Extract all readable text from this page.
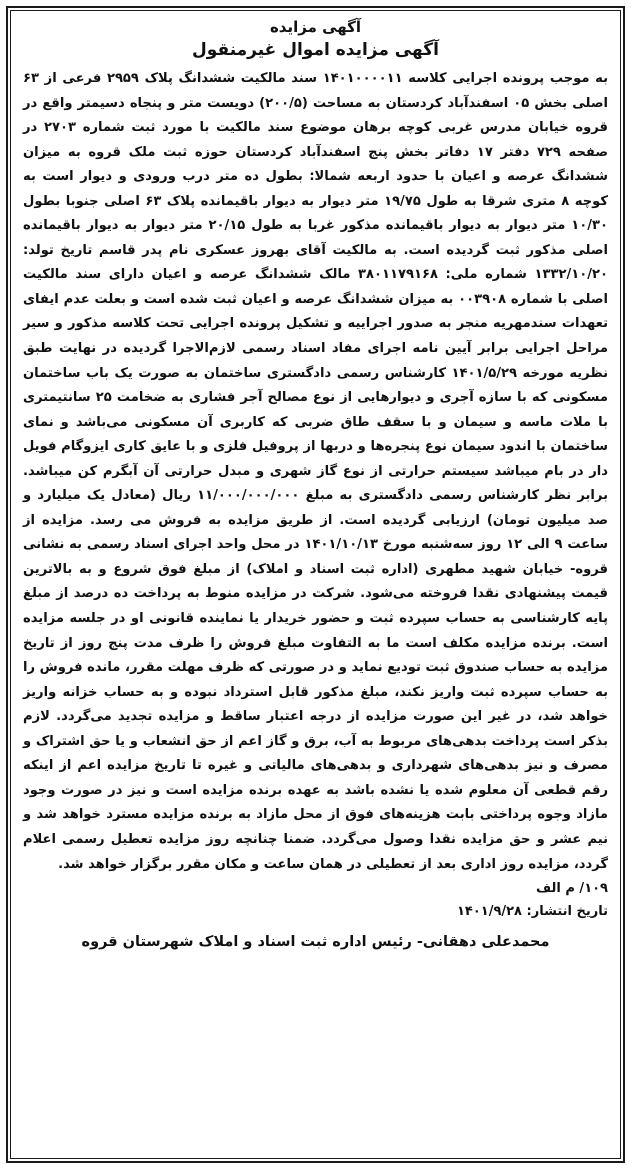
آگهی مزایده

آگهی مزایده اموال غیرمنقول

به موجب پرونده اجرایی کلاسه ۱۴۰۱۰۰۰۰۱۱ سند مالکیت ششدانگ پلاک ۲۹۵۹ فرعی از ۶۳ اصلی بخش ۰۵ اسفندآباد کردستان به مساحت (۲۰۰/۵) دویست متر و پنجاه دسیمتر واقع در قروه خیابان مدرس غربی کوچه برهان موضوع سند مالکیت با مورد ثبت شماره ۲۷۰۳ در صفحه ۷۲۹ دفتر ۱۷ دفاتر بخش پنج اسفندآباد کردستان حوزه ثبت ملک قروه به میزان ششدانگ عرصه و اعیان با حدود اربعه شمالا: بطول ده متر درب ورودی و دیوار است به کوچه ۸ متری شرقا به طول ۱۹/۷۵ متر دیوار به دیوار باقیمانده پلاک ۶۳ اصلی جنوبا بطول ۱۰/۳۰ متر دیوار به دیوار باقیمانده مذکور غربا به طول ۲۰/۱۵ متر دیوار به دیوار باقیمانده اصلی مذکور ثبت گردیده است. به مالکیت آقای بهروز عسکری نام پدر قاسم تاریخ تولد: ۱۳۳۲/۱۰/۲۰ شماره ملی: ۳۸۰۱۱۷۹۱۶۸ مالک ششدانگ عرصه و اعیان دارای سند مالکیت اصلی با شماره ۰۰۳۹۰۸ به میزان ششدانگ عرصه و اعیان ثبت شده است و بعلت عدم ایفای تعهدات سندمهریه منجر به صدور اجراییه و تشکیل پرونده اجرایی تحت کلاسه مذکور و سیر مراحل اجرایی برابر آیین نامه اجرای مفاد اسناد رسمی لازم‌الاجرا گردیده در نهایت طبق نظریه مورخه ۱۴۰۱/۵/۲۹ کارشناس رسمی دادگستری ساختمان به صورت یک باب ساختمان مسکونی که با سازه آجری و دیوارهایی از نوع مصالح آجر فشاری به ضخامت ۲۵ سانتیمتری با ملات ماسه و سیمان و با سقف طاق ضربی که کاربری آن مسکونی می‌باشد و نمای ساختمان با اندود سیمان نوع پنجره‌ها و دربها از پروفیل فلزی و با عایق کاری ایزوگام فویل دار در بام میباشد سیستم حرارتی از نوع گاز شهری و مبدل حرارتی آن آبگرم کن میباشد. برابر نظر کارشناس رسمی دادگستری به مبلغ ۱۱/۰۰۰/۰۰۰/۰۰۰ ریال (معادل یک میلیارد و صد میلیون تومان) ارزیابی گردیده است. از طریق مزایده به فروش می رسد. مزایده از ساعت ۹ الی ۱۲ روز سه‌شنبه مورخ ۱۴۰۱/۱۰/۱۳ در محل واحد اجرای اسناد رسمی به نشانی قروه- خیابان شهید مطهری (اداره ثبت اسناد و املاک) از مبلغ فوق شروع و به بالاترین قیمت پیشنهادی نقدا فروخته می‌شود. شرکت در مزایده منوط به پرداخت ده درصد از مبلغ پایه کارشناسی به حساب سپرده ثبت و حضور خریدار یا نماینده قانونی او در جلسه مزایده است. برنده مزایده مکلف است ما به التفاوت مبلغ فروش را ظرف مدت پنج روز از تاریخ مزایده به حساب صندوق ثبت تودیع نماید و در صورتی که ظرف مهلت مقرر، مانده فروش را به حساب سپرده ثبت واریز نکند، مبلغ مذکور قابل استرداد نبوده و به حساب خزانه واریز خواهد شد، در غیر این صورت مزایده از درجه اعتبار ساقط و مزایده تجدید می‌گردد. لازم بذکر است پرداخت بدهی‌های مربوط به آب، برق و گاز اعم از حق انشعاب و یا حق اشتراک و مصرف و نیز بدهی‌های شهرداری و بدهی‌های مالیاتی و غیره تا تاریخ مزایده اعم از اینکه رقم قطعی آن معلوم شده یا نشده باشد به عهده برنده مزایده است و نیز در صورت وجود مازاد وجوه پرداختی بابت هزینه‌های فوق از محل مازاد به برنده مزایده مسترد خواهد شد و نیم عشر و حق مزایده نقدا وصول می‌گردد. ضمنا چنانچه روز مزایده تعطیل رسمی اعلام گردد، مزایده روز اداری بعد از تعطیلی در همان ساعت و مکان مقرر برگزار خواهد شد.

۱۰۹/ م الف

تاریخ انتشار: ۱۴۰۱/۹/۲۸

محمدعلی دهقانی- رئیس اداره ثبت اسناد و املاک شهرستان قروه
